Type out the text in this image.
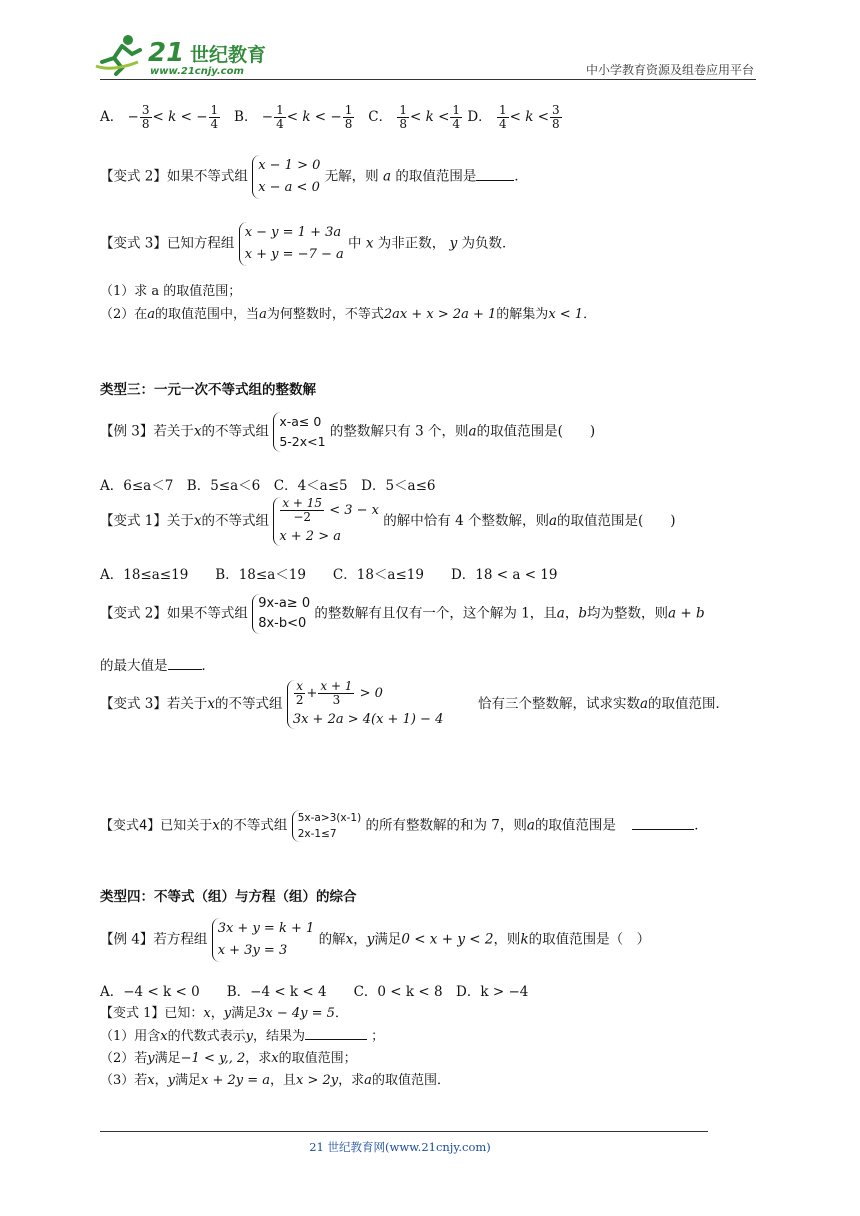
21 世纪教育
www.21cnjy.com	中小学教育资源及组卷应用平台
A． − $\frac{3}{8} < k$ < − $\frac{1}{4}$ B． − $\frac{1}{4} < k$ < − $\frac{1}{8}$ C． $\frac{1}{8} < k < \frac{1}{4}$ D． $\frac{1}{4} < k < \frac{3}{8}$
【变式 2】如果不等式组
x − 1 > 0
x − a < 0
无解，则 a 的取值范围是	．
【变式 3】已知方程组
x − y = 1 + 3a
x + y = −7 − a
中 x 为非正数， y 为负数．
（1）求 a 的取值范围；
（2）在a的取值范围中，当a为何整数时，不等式2ax + x > 2a + 1的解集为x < 1．
类型三：一元一次不等式组的整数解
【例 3】若关于x的不等式组
x-a≤ 0
5-2x<1
的整数解只有 3 个，则a的取值范围是(　　)
A．6≤a＜7　B．5≤a＜6　C．4＜a≤5　D．5＜a≤6
【变式 1】关于x的不等式组 $\frac{x + 15}{-2} < 3 - x$
x + 2 > a
的解中恰有 4 个整数解，则a的取值范围是(　　)
A．18≤a≤19　　B．18≤a＜19　　C．18＜a≤19　　D．18 < a < 19
【变式 2】如果不等式组
9x-a≥ 0
8x-b<0
的整数解有且仅有一个，这个解为 1，且a，b均为整数，则a + b
的最大值是	．
【变式 3】若关于x的不等式组 $\frac{x}{2} + \frac{x + 1}{3} > 0$
3x + 2a > 4(x + 1) − 4
恰有三个整数解，试求实数a的取值范围．
【变式4】已知关于x的不等式组 5x-a>3(x-1)
2x-1≤7
的所有整数解的和为 7，则a的取值范围是	．
类型四：不等式（组）与方程（组）的综合
【例 4】若方程组
3x + y = k + 1
x + 3y = 3
的解x，y满足0 < x + y < 2，则k的取值范围是（　）
A．−4 < k < 0　　B．−4 < k < 4　　C．0 < k < 8　D．k > −4
【变式 1】已知：x，y满足3x − 4y = 5．
（1）用含x的代数式表示y，结果为	；
（2）若y满足−1 < y,, 2，求x的取值范围；
（3）若x，y满足x + 2y = a，且x > 2y，求a的取值范围．
21 世纪教育网(www.21cnjy.com)
